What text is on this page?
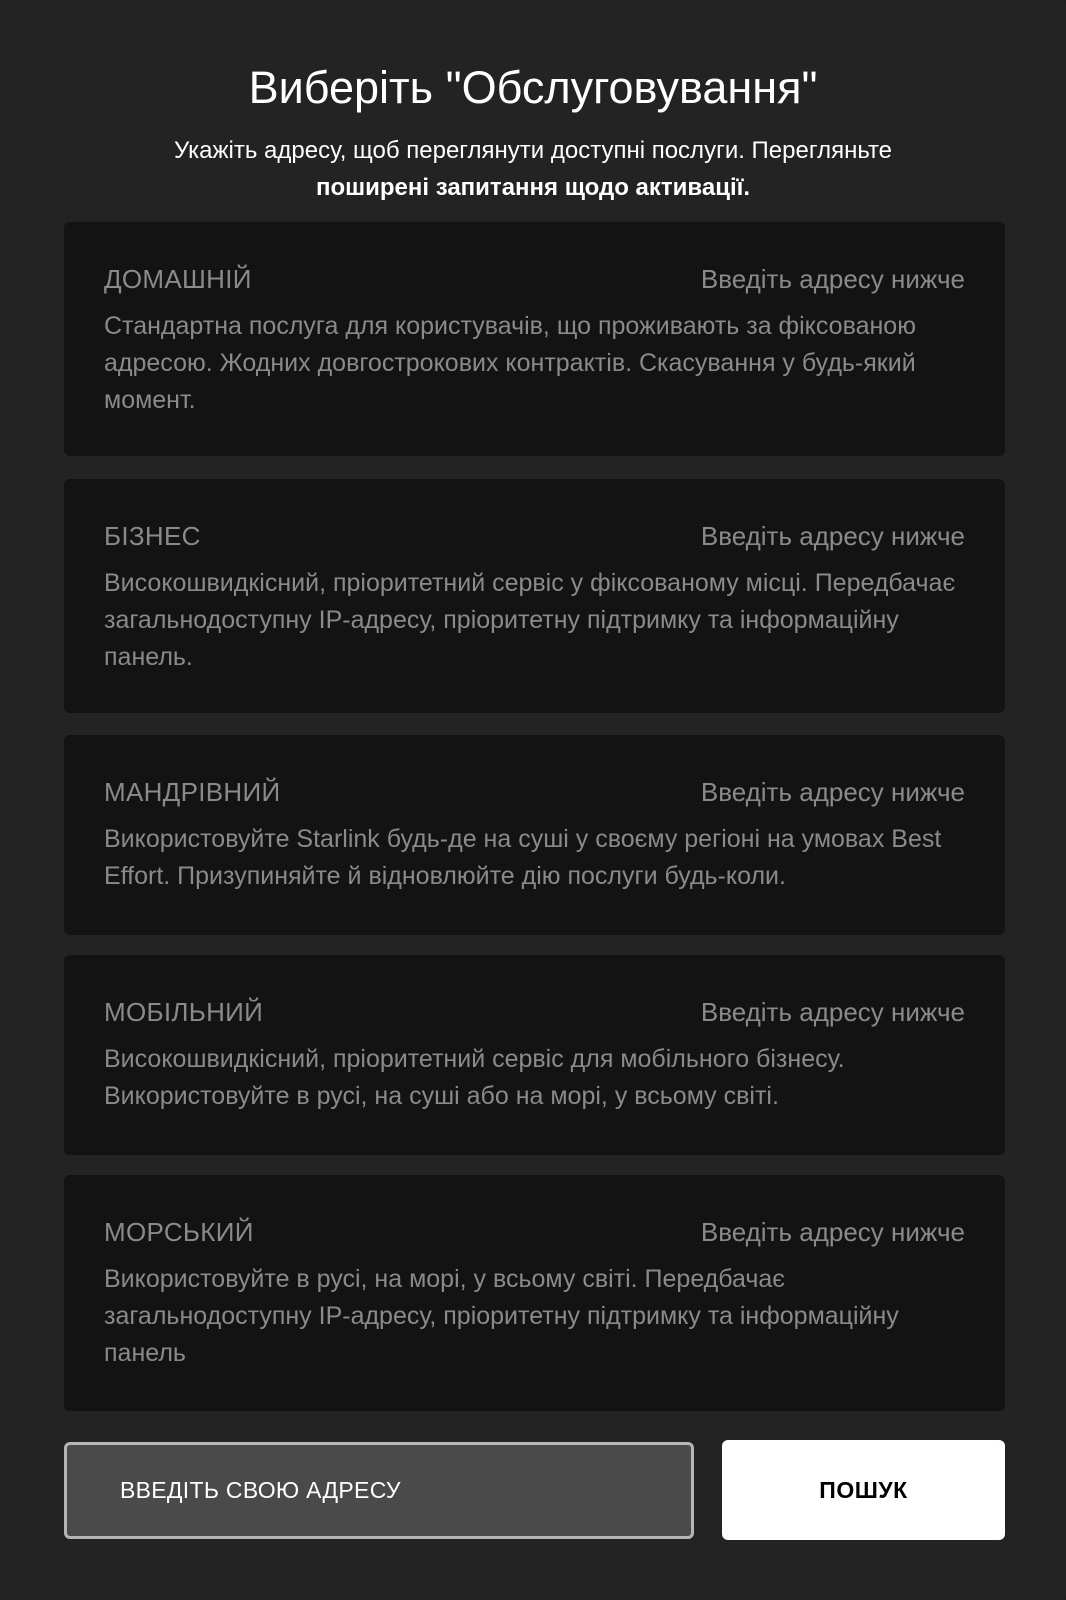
Виберіть "Обслуговування"

Укажіть адресу, щоб переглянути доступні послуги. Перегляньте
поширені запитання щодо активації.

ДОМАШНІЙ	Введіть адресу нижче
Стандартна послуга для користувачів, що проживають за фіксованою адресою. Жодних довгострокових контрактів. Скасування у будь-який момент.
БІЗНЕС	Введіть адресу нижче
Високошвидкісний, пріоритетний сервіс у фіксованому місці. Передбачає загальнодоступну IP-адресу, пріоритетну підтримку та інформаційну панель.
МАНДРІВНИЙ	Введіть адресу нижче
Використовуйте Starlink будь-де на суші у своєму регіоні на умовах Best Effort. Призупиняйте й відновлюйте дію послуги будь-коли.
МОБІЛЬНИЙ	Введіть адресу нижче
Високошвидкісний, пріоритетний сервіс для мобільного бізнесу. Використовуйте в русі, на суші або на морі, у всьому світі.
МОРСЬКИЙ	Введіть адресу нижче
Використовуйте в русі, на морі, у всьому світі. Передбачає загальнодоступну IP-адресу, пріоритетну підтримку та інформаційну панель
ВВЕДІТЬ СВОЮ АДРЕСУ
ПОШУК
